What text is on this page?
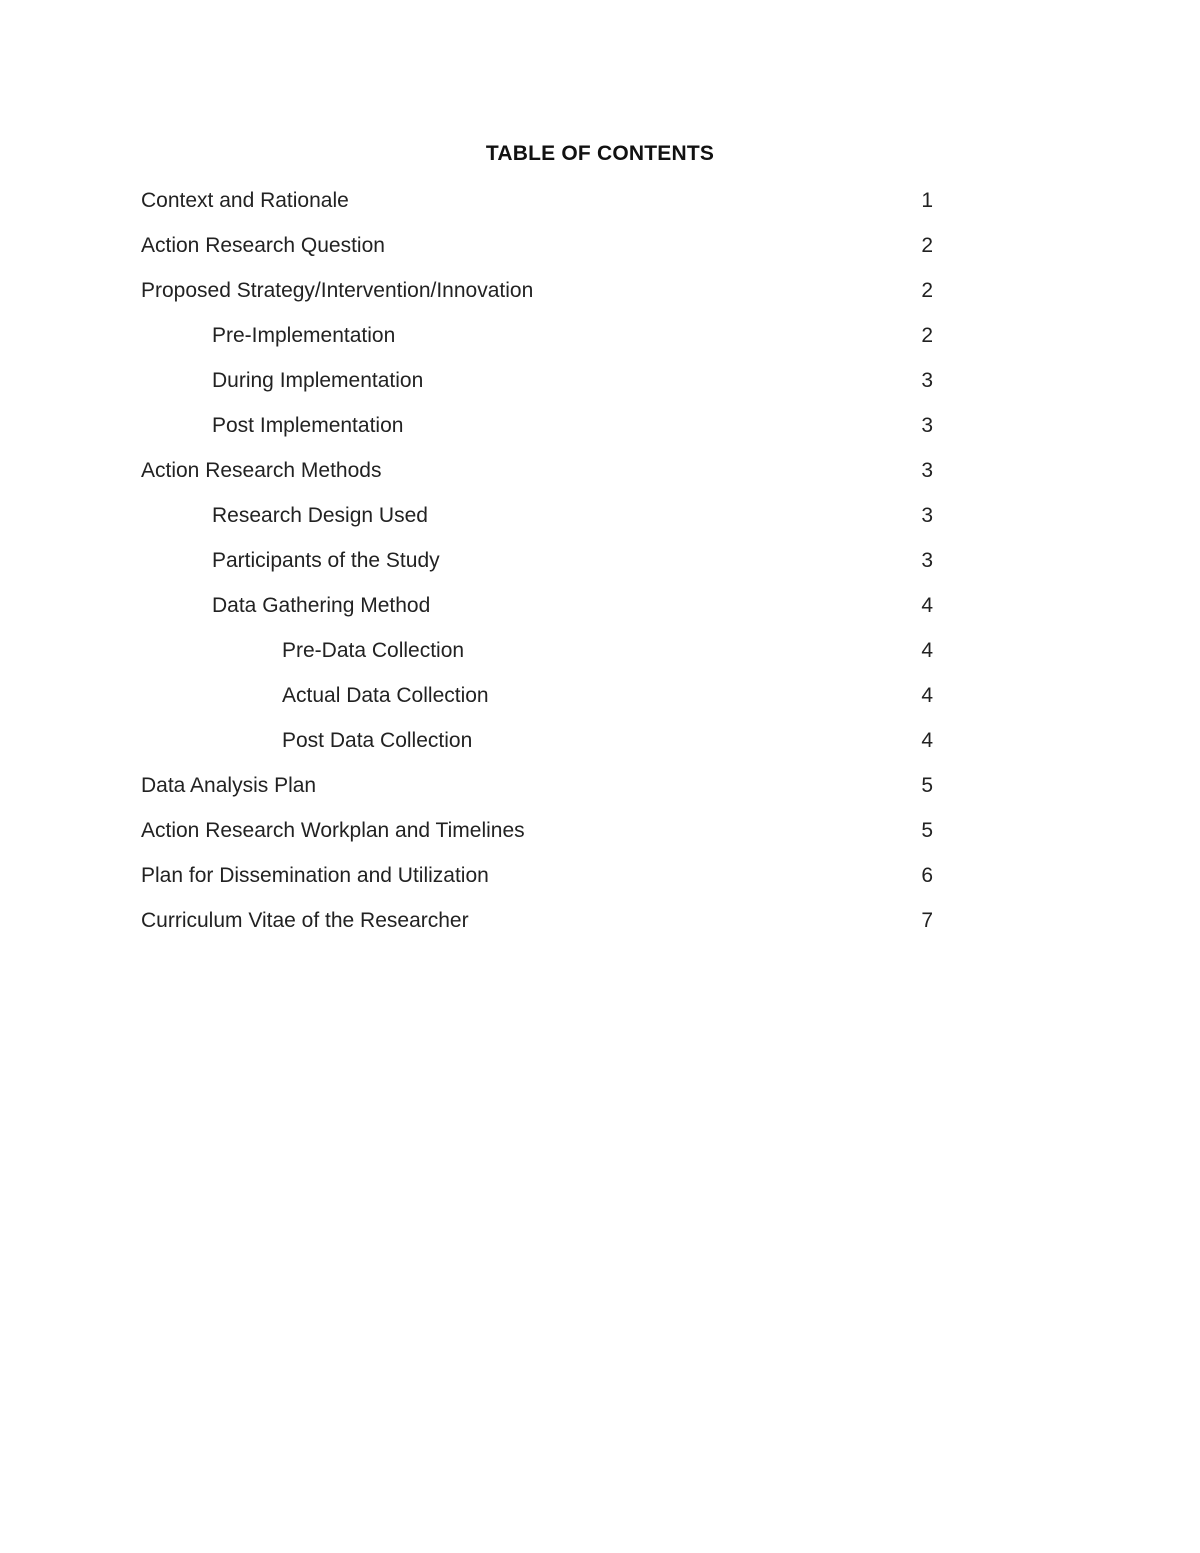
TABLE OF CONTENTS
Context and Rationale	1
Action Research Question	2
Proposed Strategy/Intervention/Innovation	2
Pre-Implementation	2
During Implementation	3
Post Implementation	3
Action Research Methods	3
Research Design Used	3
Participants of the Study	3
Data Gathering Method	4
Pre-Data Collection	4
Actual Data Collection	4
Post Data Collection	4
Data Analysis Plan	5
Action Research Workplan and Timelines	5
Plan for Dissemination and Utilization	6
Curriculum Vitae of the Researcher	7
